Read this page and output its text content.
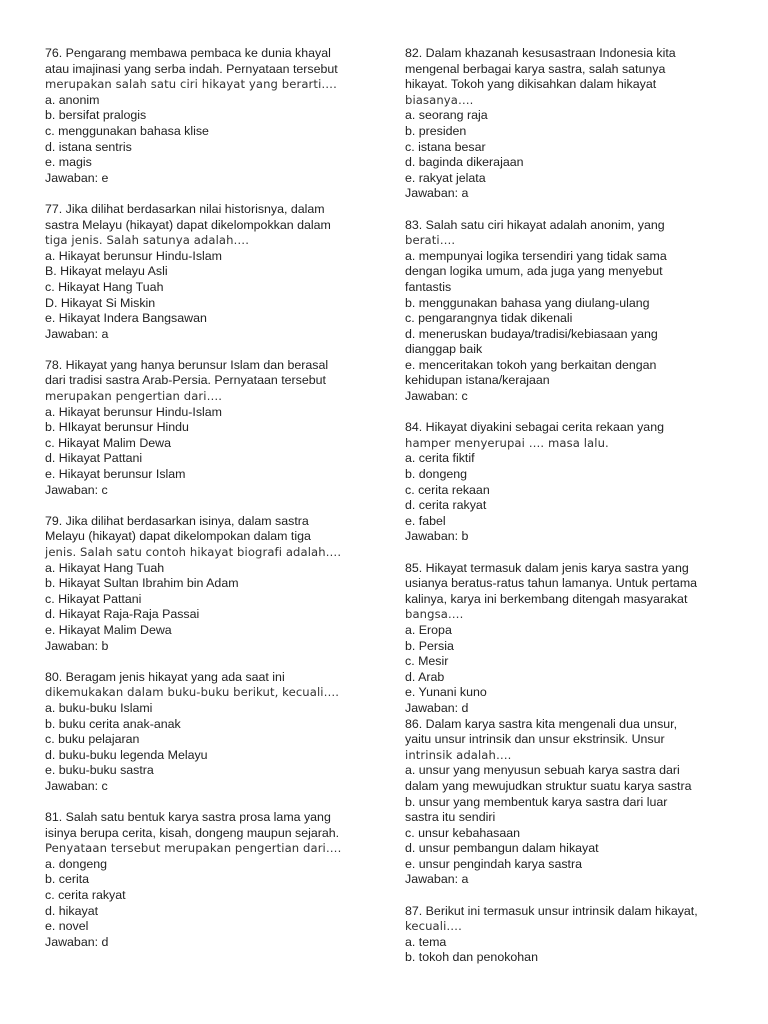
76. Pengarang membawa pembaca ke dunia khayal
atau imajinasi yang serba indah. Pernyataan tersebut
merupakan salah satu ciri hikayat yang berarti….
a. anonim
b. bersifat pralogis
c. menggunakan bahasa klise
d. istana sentris
e. magis
Jawaban: e
77. Jika dilihat berdasarkan nilai historisnya, dalam
sastra Melayu (hikayat) dapat dikelompokkan dalam
tiga jenis. Salah satunya adalah….
a. Hikayat berunsur Hindu-Islam
B. Hikayat melayu Asli
c. Hikayat Hang Tuah
D. Hikayat Si Miskin
e. Hikayat Indera Bangsawan
Jawaban: a
78. Hikayat yang hanya berunsur Islam dan berasal
dari tradisi sastra Arab-Persia. Pernyataan tersebut
merupakan pengertian dari….
a. Hikayat berunsur Hindu-Islam
b. HIkayat berunsur Hindu
c. Hikayat Malim Dewa
d. Hikayat Pattani
e. Hikayat berunsur Islam
Jawaban: c
79. Jika dilihat berdasarkan isinya, dalam sastra
Melayu (hikayat) dapat dikelompokan dalam tiga
jenis. Salah satu contoh hikayat biografi adalah….
a. Hikayat Hang Tuah
b. Hikayat Sultan Ibrahim bin Adam
c. Hikayat Pattani
d. Hikayat Raja-Raja Passai
e. Hikayat Malim Dewa
Jawaban: b
80. Beragam jenis hikayat yang ada saat ini
dikemukakan dalam buku-buku berikut, kecuali….
a. buku-buku Islami
b. buku cerita anak-anak
c. buku pelajaran
d. buku-buku legenda Melayu
e. buku-buku sastra
Jawaban: c
81. Salah satu bentuk karya sastra prosa lama yang
isinya berupa cerita, kisah, dongeng maupun sejarah.
Penyataan tersebut merupakan pengertian dari….
a. dongeng
b. cerita
c. cerita rakyat
d. hikayat
e. novel
Jawaban: d
82. Dalam khazanah kesusastraan Indonesia kita
mengenal berbagai karya sastra, salah satunya
hikayat. Tokoh yang dikisahkan dalam hikayat
biasanya….
a. seorang raja
b. presiden
c. istana besar
d. baginda dikerajaan
e. rakyat jelata
Jawaban: a
83. Salah satu ciri hikayat adalah anonim, yang
berati….
a. mempunyai logika tersendiri yang tidak sama
dengan logika umum, ada juga yang menyebut
fantastis
b. menggunakan bahasa yang diulang-ulang
c. pengarangnya tidak dikenali
d. meneruskan budaya/tradisi/kebiasaan yang
dianggap baik
e. menceritakan tokoh yang berkaitan dengan
kehidupan istana/kerajaan
Jawaban: c
84. Hikayat diyakini sebagai cerita rekaan yang
hamper menyerupai …. masa lalu.
a. cerita fiktif
b. dongeng
c. cerita rekaan
d. cerita rakyat
e. fabel
Jawaban: b
85. Hikayat termasuk dalam jenis karya sastra yang
usianya beratus-ratus tahun lamanya. Untuk pertama
kalinya, karya ini berkembang ditengah masyarakat
bangsa….
a. Eropa
b. Persia
c. Mesir
d. Arab
e. Yunani kuno
Jawaban: d
86. Dalam karya sastra kita mengenali dua unsur,
yaitu unsur intrinsik dan unsur ekstrinsik. Unsur
intrinsik adalah….
a. unsur yang menyusun sebuah karya sastra dari
dalam yang mewujudkan struktur suatu karya sastra
b. unsur yang membentuk karya sastra dari luar
sastra itu sendiri
c. unsur kebahasaan
d. unsur pembangun dalam hikayat
e. unsur pengindah karya sastra
Jawaban: a
87. Berikut ini termasuk unsur intrinsik dalam hikayat,
kecuali….
a. tema
b. tokoh dan penokohan
